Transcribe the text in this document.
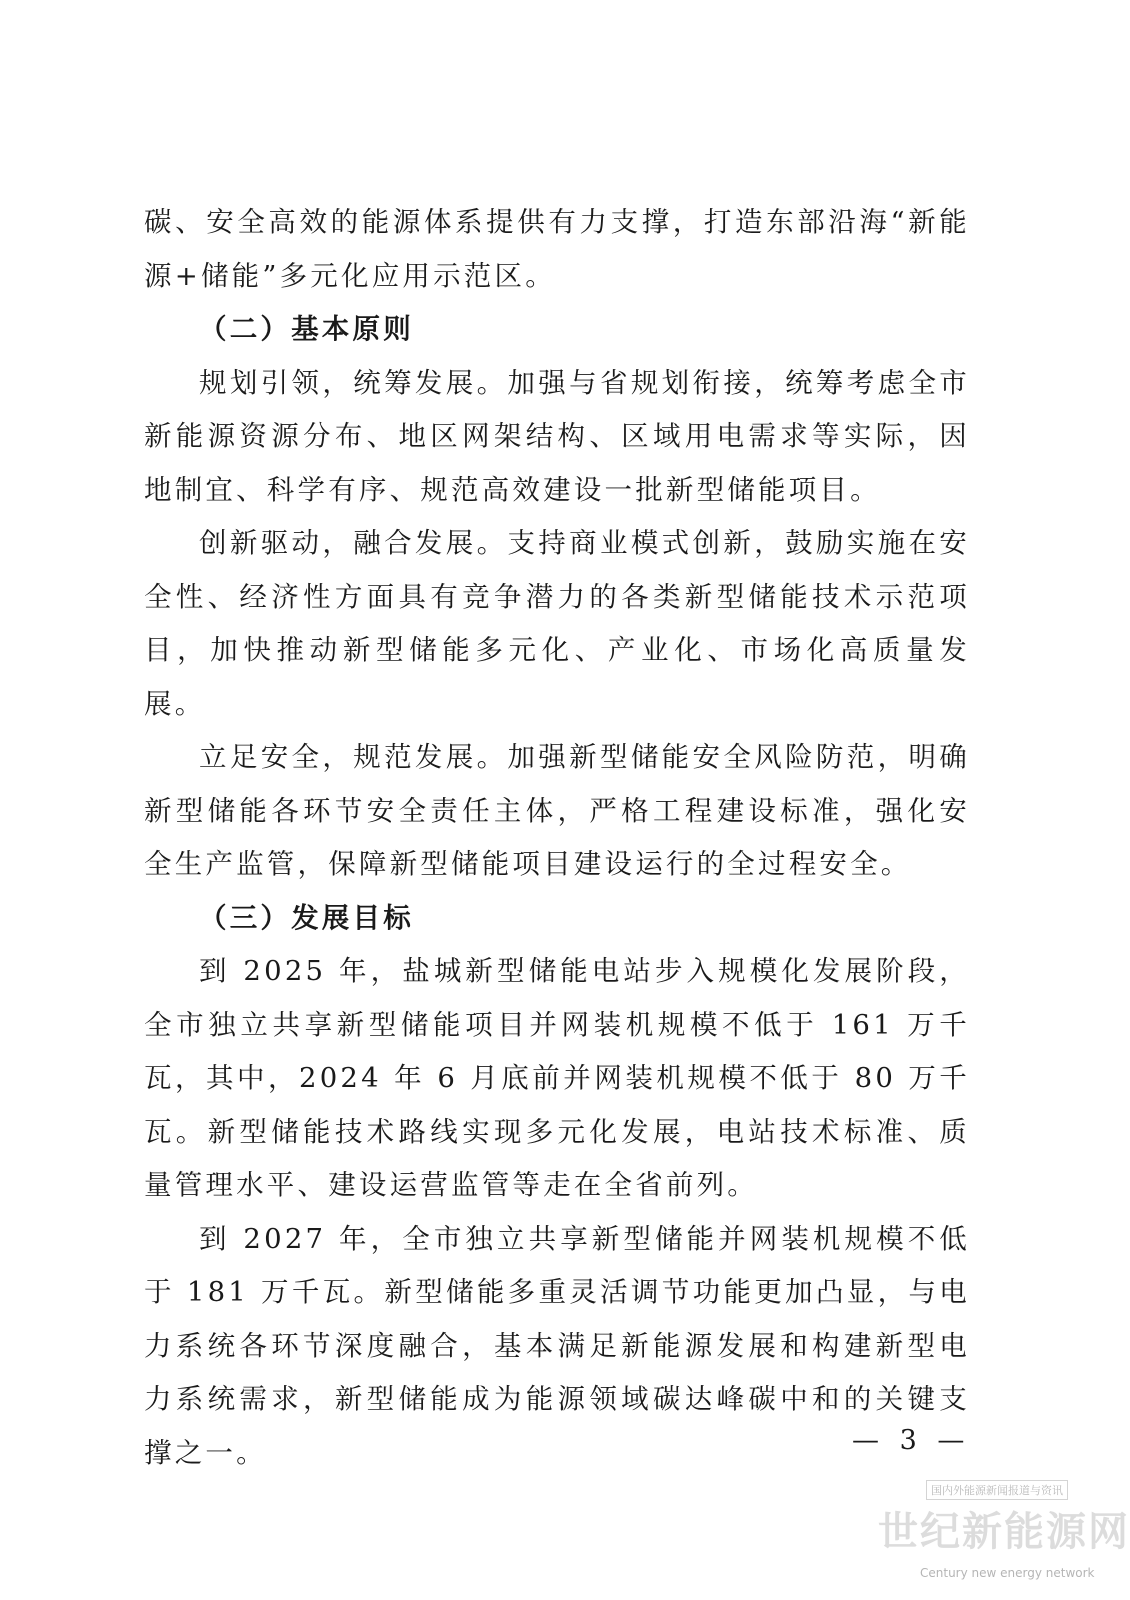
碳、安全高效的能源体系提供有力支撑，打造东部沿海“新能源+储能”多元化应用示范区。

（二）基本原则

规划引领，统筹发展。加强与省规划衔接，统筹考虑全市新能源资源分布、地区网架结构、区域用电需求等实际，因地制宜、科学有序、规范高效建设一批新型储能项目。

创新驱动，融合发展。支持商业模式创新，鼓励实施在安全性、经济性方面具有竞争潜力的各类新型储能技术示范项目，加快推动新型储能多元化、产业化、市场化高质量发展。

立足安全，规范发展。加强新型储能安全风险防范，明确新型储能各环节安全责任主体，严格工程建设标准，强化安全生产监管，保障新型储能项目建设运行的全过程安全。

（三）发展目标

到 2025 年，盐城新型储能电站步入规模化发展阶段，全市独立共享新型储能项目并网装机规模不低于 161 万千瓦，其中，2024 年 6 月底前并网装机规模不低于 80 万千瓦。新型储能技术路线实现多元化发展，电站技术标准、质量管理水平、建设运营监管等走在全省前列。

到 2027 年，全市独立共享新型储能并网装机规模不低于 181 万千瓦。新型储能多重灵活调节功能更加凸显，与电力系统各环节深度融合，基本满足新能源发展和构建新型电力系统需求，新型储能成为能源领域碳达峰碳中和的关键支撑之一。	— 3 —
国内外能源新闻报道与资讯
世纪新能源网
Century new energy network
